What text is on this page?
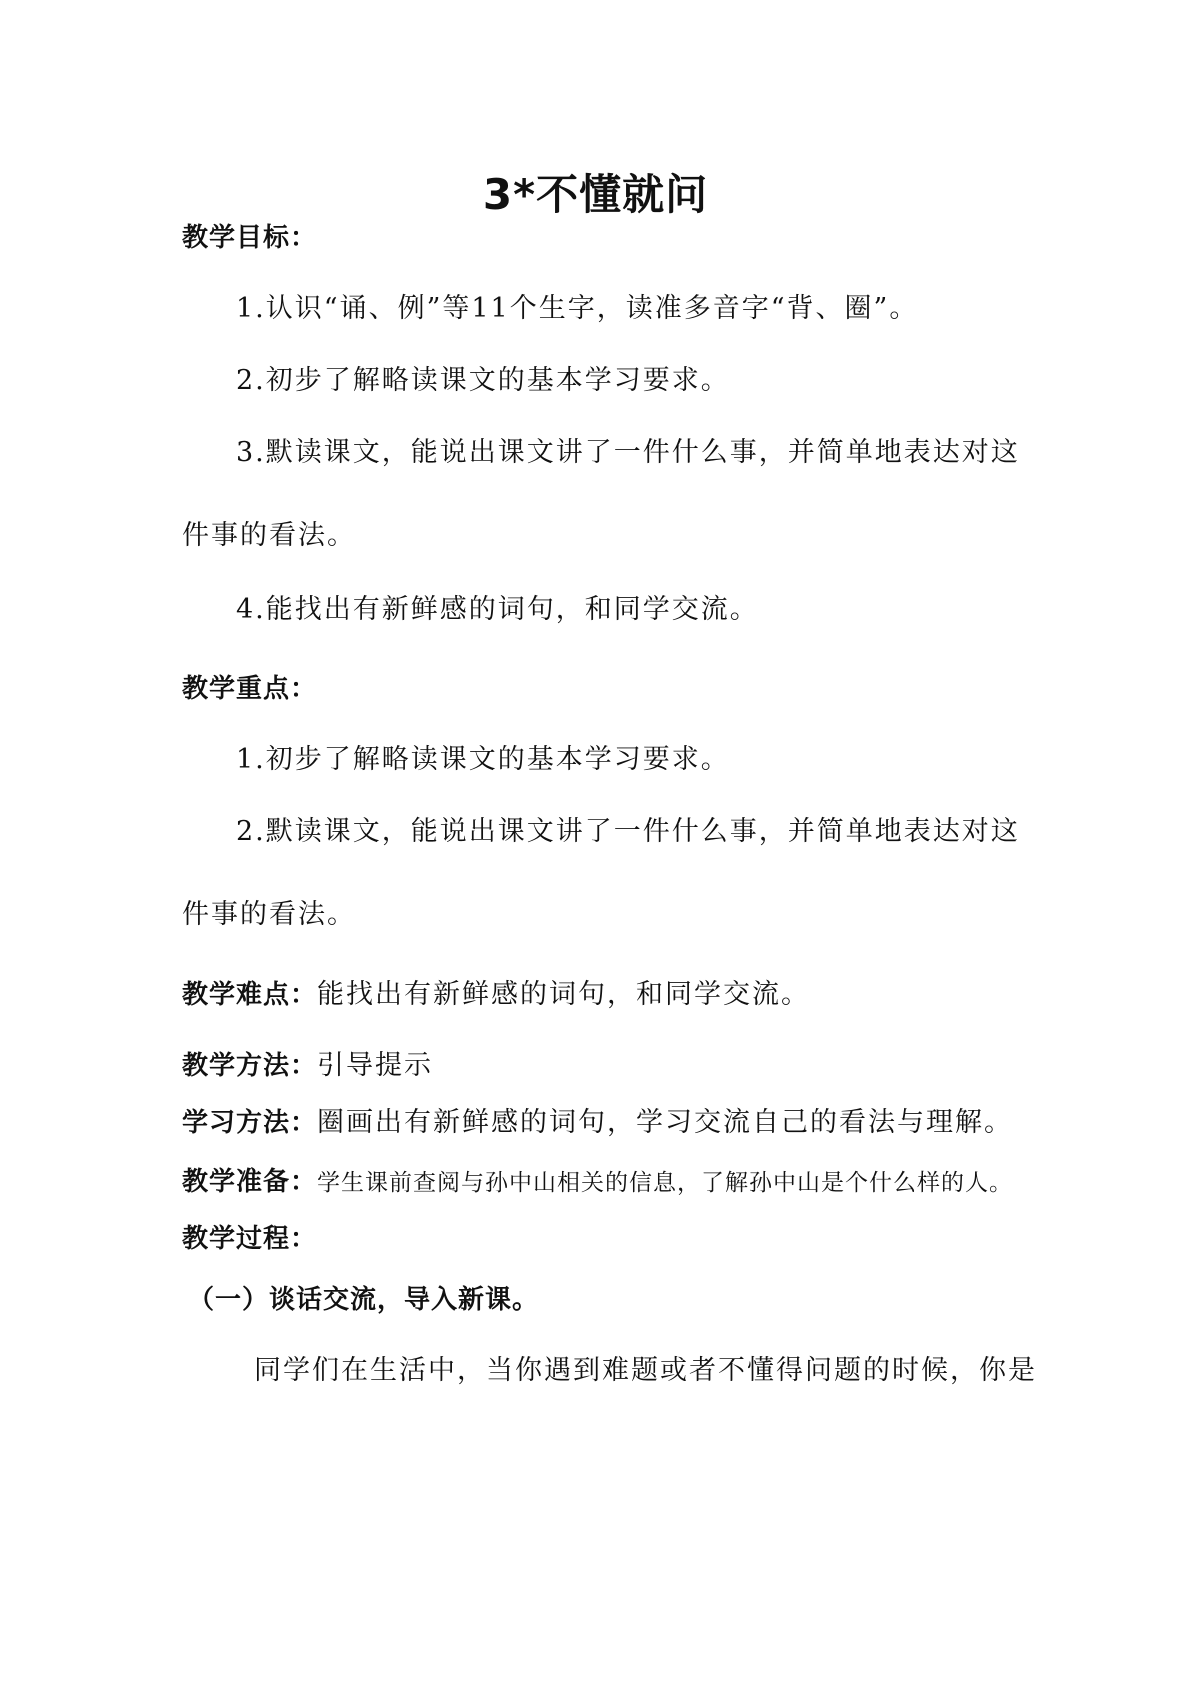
3*不懂就问
教学目标：
1.认识“诵、例”等11个生字，读准多音字“背、圈”。
2.初步了解略读课文的基本学习要求。
3.默读课文，能说出课文讲了一件什么事，并简单地表达对这
件事的看法。
4.能找出有新鲜感的词句，和同学交流。
教学重点：
1.初步了解略读课文的基本学习要求。
2.默读课文，能说出课文讲了一件什么事，并简单地表达对这
件事的看法。
教学难点：能找出有新鲜感的词句，和同学交流。
教学方法：引导提示
学习方法：圈画出有新鲜感的词句，学习交流自己的看法与理解。
教学准备：学生课前查阅与孙中山相关的信息，了解孙中山是个什么样的人。
教学过程：
（一）谈话交流，导入新课。
同学们在生活中，当你遇到难题或者不懂得问题的时候，你是
